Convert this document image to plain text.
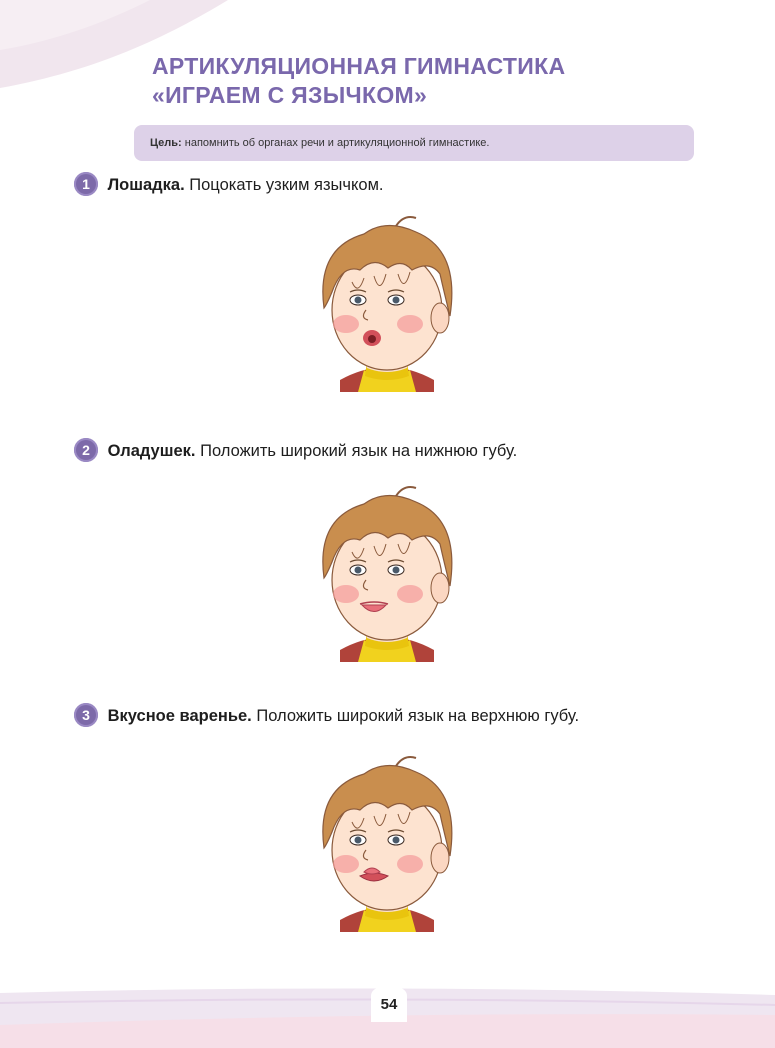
АРТИКУЛЯЦИОННАЯ ГИМНАСТИКА
«ИГРАЕМ С ЯЗЫЧКОМ»
Цель: напомнить об органах речи и артикуляционной гимнастике.
1 Лошадка. Поцокать узким язычком.
2 Оладушек. Положить широкий язык на нижнюю губу.
3 Вкусное варенье. Положить широкий язык на верхнюю губу.
54
